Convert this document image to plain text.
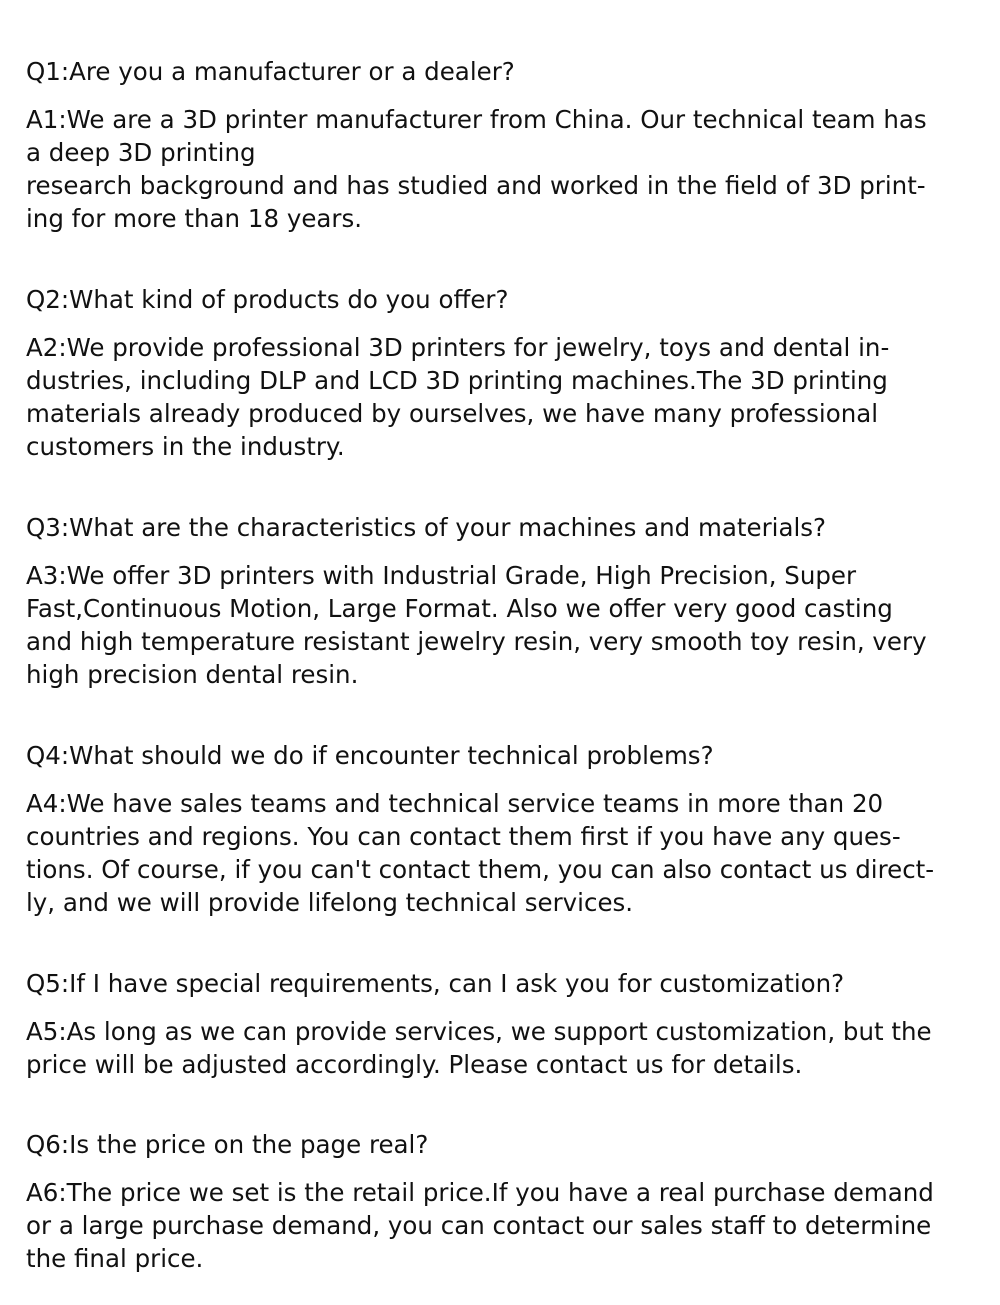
Q1:Are you a manufacturer or a dealer?

A1:We are a 3D printer manufacturer from China. Our technical team has
a deep 3D printing
research background and has studied and worked in the field of 3D print-
ing for more than 18 years.

Q2:What kind of products do you offer?

A2:We provide professional 3D printers for jewelry, toys and dental in-
dustries, including DLP and LCD 3D printing machines.The 3D printing
materials already produced by ourselves, we have many professional
customers in the industry.

Q3:What are the characteristics of your machines and materials?

A3:We offer 3D printers with Industrial Grade, High Precision, Super
Fast,Continuous Motion, Large Format. Also we offer very good casting
and high temperature resistant jewelry resin, very smooth toy resin, very
high precision dental resin.

Q4:What should we do if encounter technical problems?

A4:We have sales teams and technical service teams in more than 20
countries and regions. You can contact them first if you have any ques-
tions. Of course, if you can't contact them, you can also contact us direct-
ly, and we will provide lifelong technical services.

Q5:If I have special requirements, can I ask you for customization?

A5:As long as we can provide services, we support customization, but the
price will be adjusted accordingly. Please contact us for details.

Q6:Is the price on the page real?

A6:The price we set is the retail price.If you have a real purchase demand
or a large purchase demand, you can contact our sales staff to determine
the final price.
